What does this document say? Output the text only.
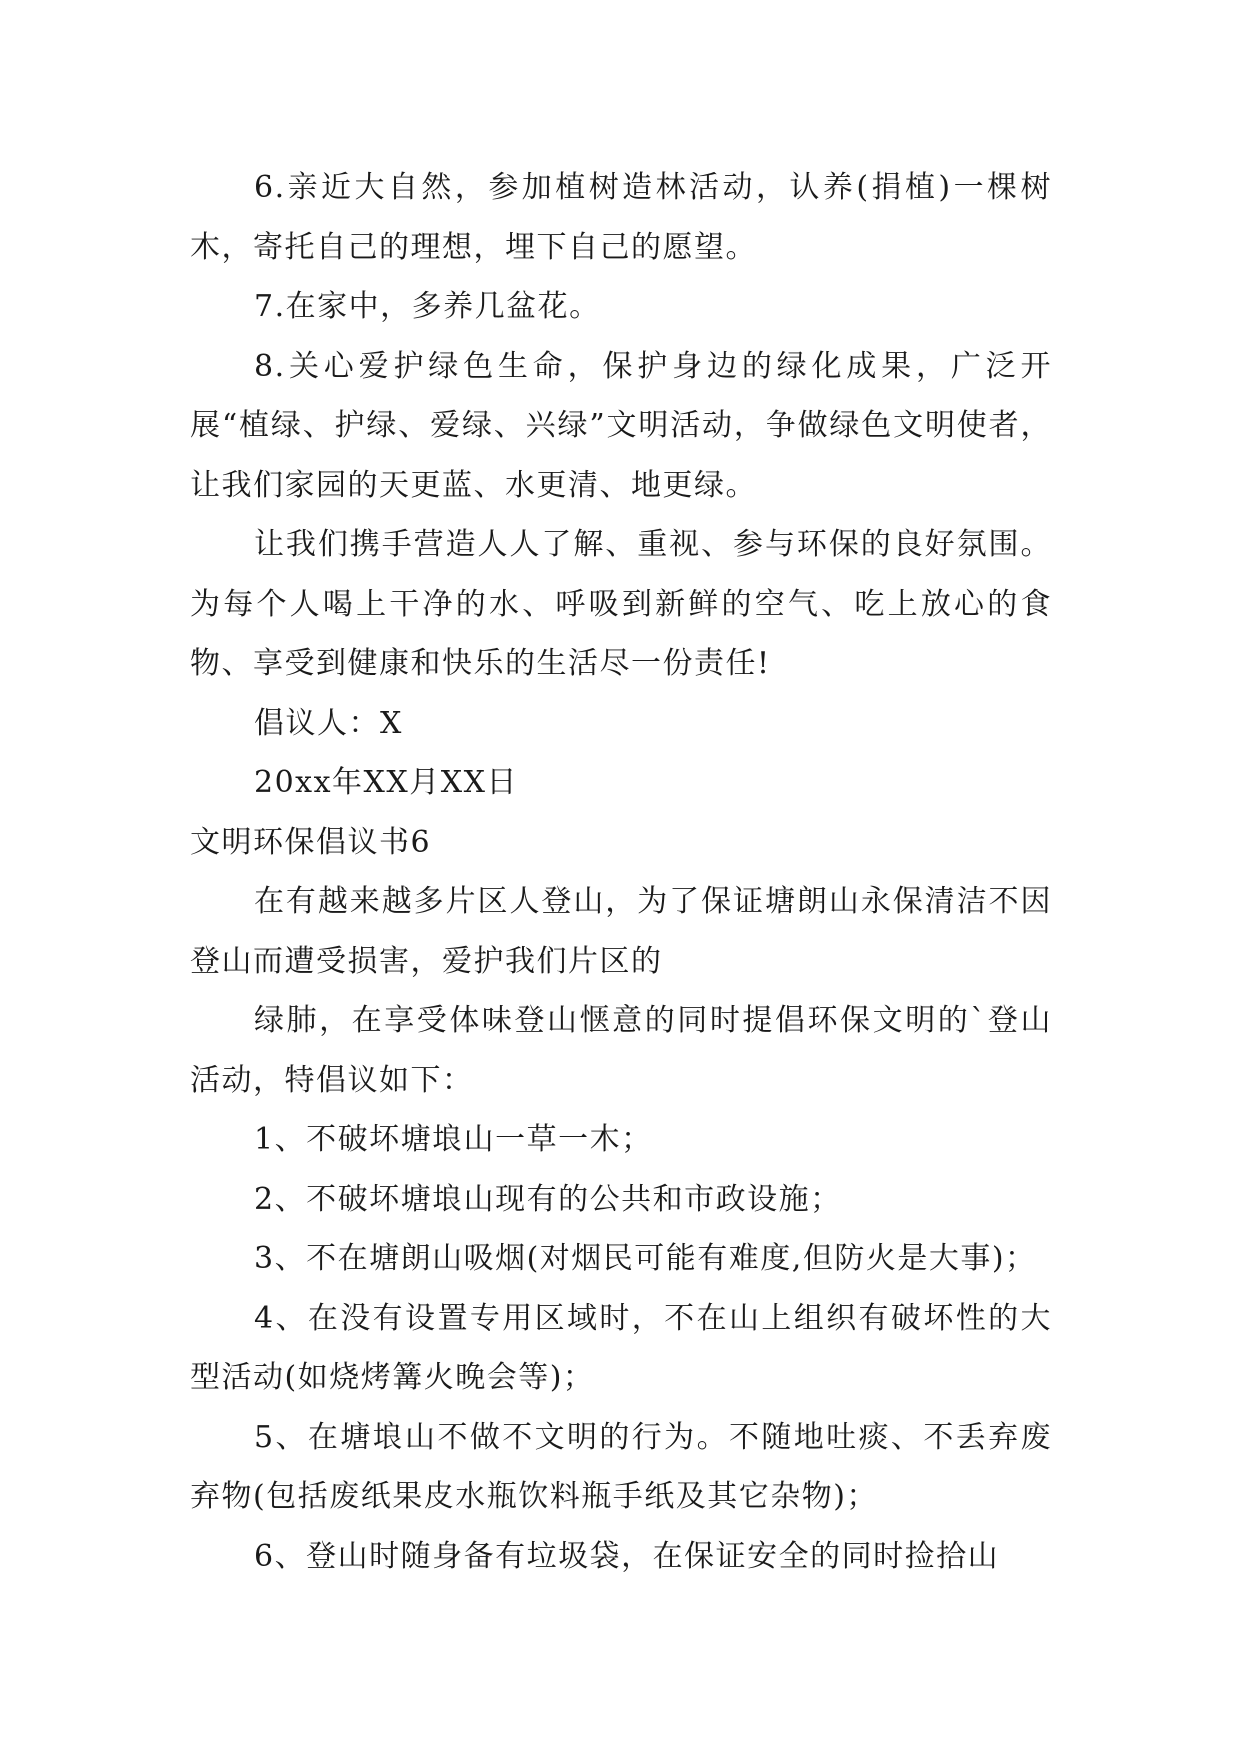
6.亲近大自然，参加植树造林活动，认养(捐植)一棵树木，寄托自己的理想，埋下自己的愿望。

7.在家中，多养几盆花。

8.关心爱护绿色生命，保护身边的绿化成果，广泛开展“植绿、护绿、爱绿、兴绿”文明活动，争做绿色文明使者，让我们家园的天更蓝、水更清、地更绿。

让我们携手营造人人了解、重视、参与环保的良好氛围。为每个人喝上干净的水、呼吸到新鲜的空气、吃上放心的食物、享受到健康和快乐的生活尽一份责任!

倡议人：X

20xx年XX月XX日

文明环保倡议书6

在有越来越多片区人登山，为了保证塘朗山永保清洁不因登山而遭受损害，爱护我们片区的

绿肺，在享受体味登山惬意的同时提倡环保文明的`登山活动，特倡议如下：

1、不破坏塘埌山一草一木；

2、不破坏塘埌山现有的公共和市政设施；

3、不在塘朗山吸烟(对烟民可能有难度,但防火是大事)；

4、在没有设置专用区域时，不在山上组织有破坏性的大型活动(如烧烤篝火晚会等)；

5、在塘埌山不做不文明的行为。不随地吐痰、不丢弃废弃物(包括废纸果皮水瓶饮料瓶手纸及其它杂物)；

6、登山时随身备有垃圾袋，在保证安全的同时捡拾山
